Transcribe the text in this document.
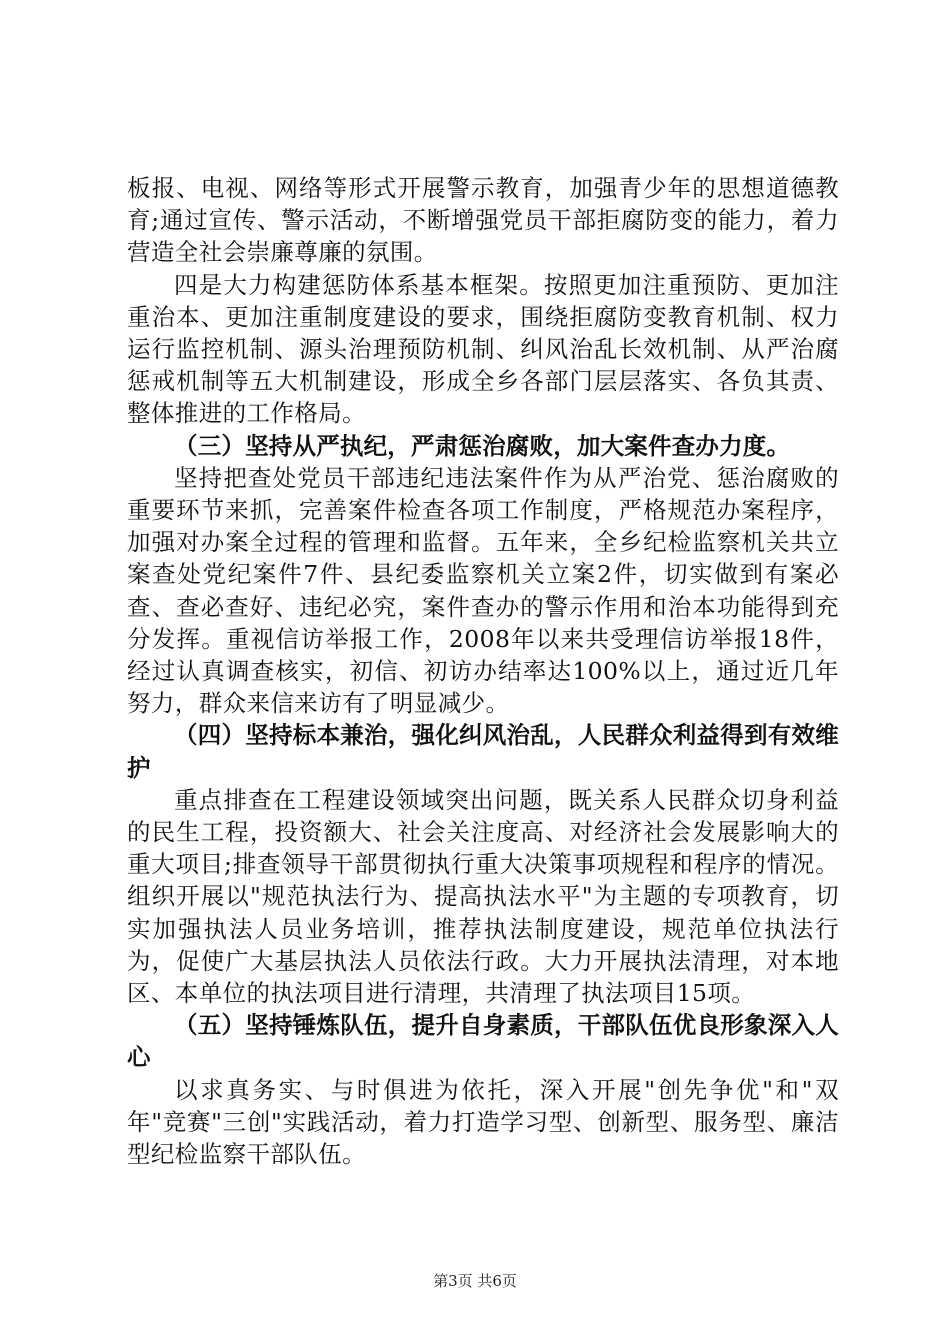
板报、电视、网络等形式开展警示教育，加强青少年的思想道德教育;通过宣传、警示活动，不断增强党员干部拒腐防变的能力，着力营造全社会崇廉尊廉的氛围。

四是大力构建惩防体系基本框架。按照更加注重预防、更加注重治本、更加注重制度建设的要求，围绕拒腐防变教育机制、权力运行监控机制、源头治理预防机制、纠风治乱长效机制、从严治腐惩戒机制等五大机制建设，形成全乡各部门层层落实、各负其责、整体推进的工作格局。

（三）坚持从严执纪，严肃惩治腐败，加大案件查办力度。

坚持把查处党员干部违纪违法案件作为从严治党、惩治腐败的重要环节来抓，完善案件检查各项工作制度，严格规范办案程序，加强对办案全过程的管理和监督。五年来，全乡纪检监察机关共立案查处党纪案件7件、县纪委监察机关立案2件，切实做到有案必查、查必查好、违纪必究，案件查办的警示作用和治本功能得到充分发挥。重视信访举报工作，2008年以来共受理信访举报18件，经过认真调查核实，初信、初访办结率达100%以上，通过近几年努力，群众来信来访有了明显减少。

（四）坚持标本兼治，强化纠风治乱，人民群众利益得到有效维护

重点排查在工程建设领域突出问题，既关系人民群众切身利益的民生工程，投资额大、社会关注度高、对经济社会发展影响大的重大项目;排查领导干部贯彻执行重大决策事项规程和程序的情况。组织开展以"规范执法行为、提高执法水平"为主题的专项教育，切实加强执法人员业务培训，推荐执法制度建设，规范单位执法行为，促使广大基层执法人员依法行政。大力开展执法清理，对本地区、本单位的执法项目进行清理，共清理了执法项目15项。

（五）坚持锤炼队伍，提升自身素质，干部队伍优良形象深入人心

以求真务实、与时俱进为依托，深入开展"创先争优"和"双年"竞赛"三创"实践活动，着力打造学习型、创新型、服务型、廉洁型纪检监察干部队伍。

第3页 共6页
